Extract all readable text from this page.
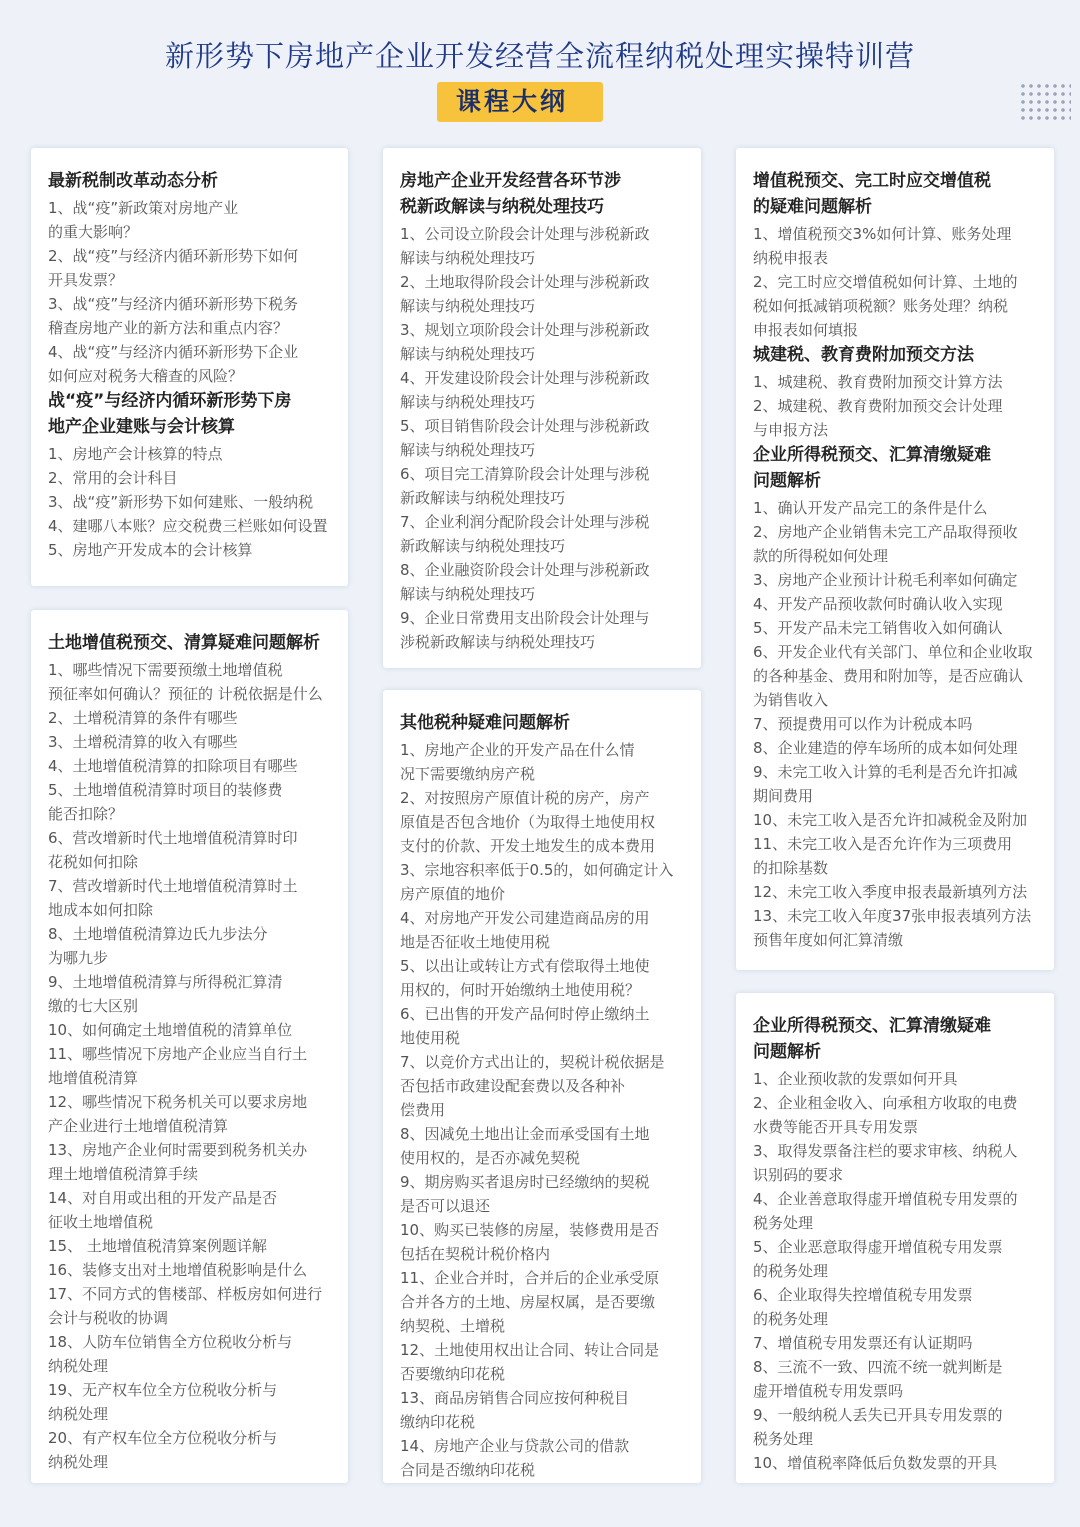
新形势下房地产企业开发经营全流程纳税处理实操特训营
课程大纲
最新税制改革动态分析
1、战“疫”新政策对房地产业
的重大影响？
2、战“疫”与经济内循环新形势下如何
开具发票？
3、战“疫”与经济内循环新形势下税务
稽查房地产业的新方法和重点内容？
4、战“疫”与经济内循环新形势下企业
如何应对税务大稽查的风险？
战“疫”与经济内循环新形势下房
地产企业建账与会计核算
1、房地产会计核算的特点
2、常用的会计科目
3、战“疫”新形势下如何建账、一般纳税
4、建哪八本账？应交税费三栏账如何设置
5、房地产开发成本的会计核算
土地增值税预交、清算疑难问题解析
1、哪些情况下需要预缴土地增值税
预征率如何确认？预征的 计税依据是什么
2、土增税清算的条件有哪些
3、土增税清算的收入有哪些
4、土地增值税清算的扣除项目有哪些
5、土地增值税清算时项目的装修费
能否扣除？
6、营改增新时代土地增值税清算时印
花税如何扣除
7、营改增新时代土地增值税清算时土
地成本如何扣除
8、土地增值税清算边氏九步法分
为哪九步
9、土地增值税清算与所得税汇算清
缴的七大区别
10、如何确定土地增值税的清算单位
11、哪些情况下房地产企业应当自行土
地增值税清算
12、哪些情况下税务机关可以要求房地
产企业进行土地增值税清算
13、房地产企业何时需要到税务机关办
理土地增值税清算手续
14、对自用或出租的开发产品是否
征收土地增值税
15、 土地增值税清算案例题详解
16、装修支出对土地增值税影响是什么
17、不同方式的售楼部、样板房如何进行
会计与税收的协调
18、人防车位销售全方位税收分析与
纳税处理
19、无产权车位全方位税收分析与
纳税处理
20、有产权车位全方位税收分析与
纳税处理
房地产企业开发经营各环节涉
税新政解读与纳税处理技巧
1、公司设立阶段会计处理与涉税新政
解读与纳税处理技巧
2、土地取得阶段会计处理与涉税新政
解读与纳税处理技巧
3、规划立项阶段会计处理与涉税新政
解读与纳税处理技巧
4、开发建设阶段会计处理与涉税新政
解读与纳税处理技巧
5、项目销售阶段会计处理与涉税新政
解读与纳税处理技巧
6、项目完工清算阶段会计处理与涉税
新政解读与纳税处理技巧
7、企业利润分配阶段会计处理与涉税
新政解读与纳税处理技巧
8、企业融资阶段会计处理与涉税新政
解读与纳税处理技巧
9、企业日常费用支出阶段会计处理与
涉税新政解读与纳税处理技巧
其他税种疑难问题解析
1、房地产企业的开发产品在什么情
况下需要缴纳房产税
2、对按照房产原值计税的房产，房产
原值是否包含地价（为取得土地使用权
支付的价款、开发土地发生的成本费用
3、宗地容积率低于0.5的，如何确定计入
房产原值的地价
4、对房地产开发公司建造商品房的用
地是否征收土地使用税
5、以出让或转让方式有偿取得土地使
用权的，何时开始缴纳土地使用税？
6、已出售的开发产品何时停止缴纳土
地使用税
7、以竞价方式出让的，契税计税依据是
否包括市政建设配套费以及各种补
偿费用
8、因减免土地出让金而承受国有土地
使用权的，是否亦减免契税
9、期房购买者退房时已经缴纳的契税
是否可以退还
10、购买已装修的房屋，装修费用是否
包括在契税计税价格内
11、企业合并时，合并后的企业承受原
合并各方的土地、房屋权属，是否要缴
纳契税、土增税
12、土地使用权出让合同、转让合同是
否要缴纳印花税
13、商品房销售合同应按何种税目
缴纳印花税
14、房地产企业与贷款公司的借款
合同是否缴纳印花税
增值税预交、完工时应交增值税
的疑难问题解析
1、增值税预交3%如何计算、账务处理
纳税申报表
2、完工时应交增值税如何计算、土地的
税如何抵减销项税额？账务处理？纳税
申报表如何填报
城建税、教育费附加预交方法
1、城建税、教育费附加预交计算方法
2、城建税、教育费附加预交会计处理
与申报方法
企业所得税预交、汇算清缴疑难
问题解析
1、确认开发产品完工的条件是什么
2、房地产企业销售未完工产品取得预收
款的所得税如何处理
3、房地产企业预计计税毛利率如何确定
4、开发产品预收款何时确认收入实现
5、开发产品未完工销售收入如何确认
6、开发企业代有关部门、单位和企业收取
的各种基金、费用和附加等，是否应确认
为销售收入
7、预提费用可以作为计税成本吗
8、企业建造的停车场所的成本如何处理
9、未完工收入计算的毛利是否允许扣减
期间费用
10、未完工收入是否允许扣减税金及附加
11、未完工收入是否允许作为三项费用
的扣除基数
12、未完工收入季度申报表最新填列方法
13、未完工收入年度37张申报表填列方法
预售年度如何汇算清缴
企业所得税预交、汇算清缴疑难
问题解析
1、企业预收款的发票如何开具
2、企业租金收入、向承租方收取的电费
水费等能否开具专用发票
3、取得发票备注栏的要求审核、纳税人
识别码的要求
4、企业善意取得虚开增值税专用发票的
税务处理
5、企业恶意取得虚开增值税专用发票
的税务处理
6、企业取得失控增值税专用发票
的税务处理
7、增值税专用发票还有认证期吗
8、三流不一致、四流不统一就判断是
虚开增值税专用发票吗
9、一般纳税人丢失已开具专用发票的
税务处理
10、增值税率降低后负数发票的开具
